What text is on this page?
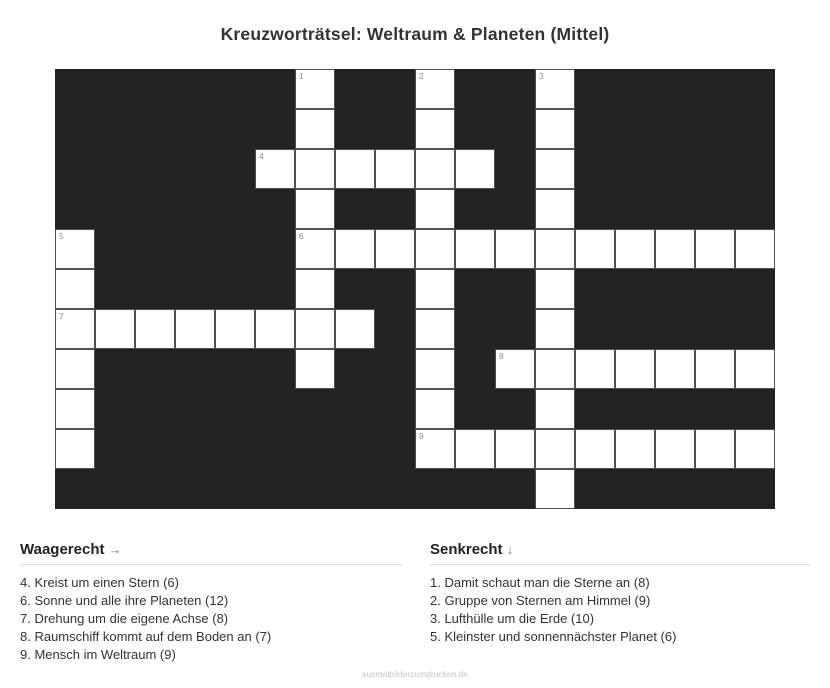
Kreuzworträtsel: Weltraum & Planeten (Mittel)
1	2	3
4
5	6
7
8
9
Waagerecht →
4. Kreist um einen Stern (6)
6. Sonne und alle ihre Planeten (12)
7. Drehung um die eigene Achse (8)
8. Raumschiff kommt auf dem Boden an (7)
9. Mensch im Weltraum (9)
Senkrecht ↓
1. Damit schaut man die Sterne an (8)
2. Gruppe von Sternen am Himmel (9)
3. Lufthülle um die Erde (10)
5. Kleinster und sonnennächster Planet (6)
ausmalbilderzumdrucken.de
